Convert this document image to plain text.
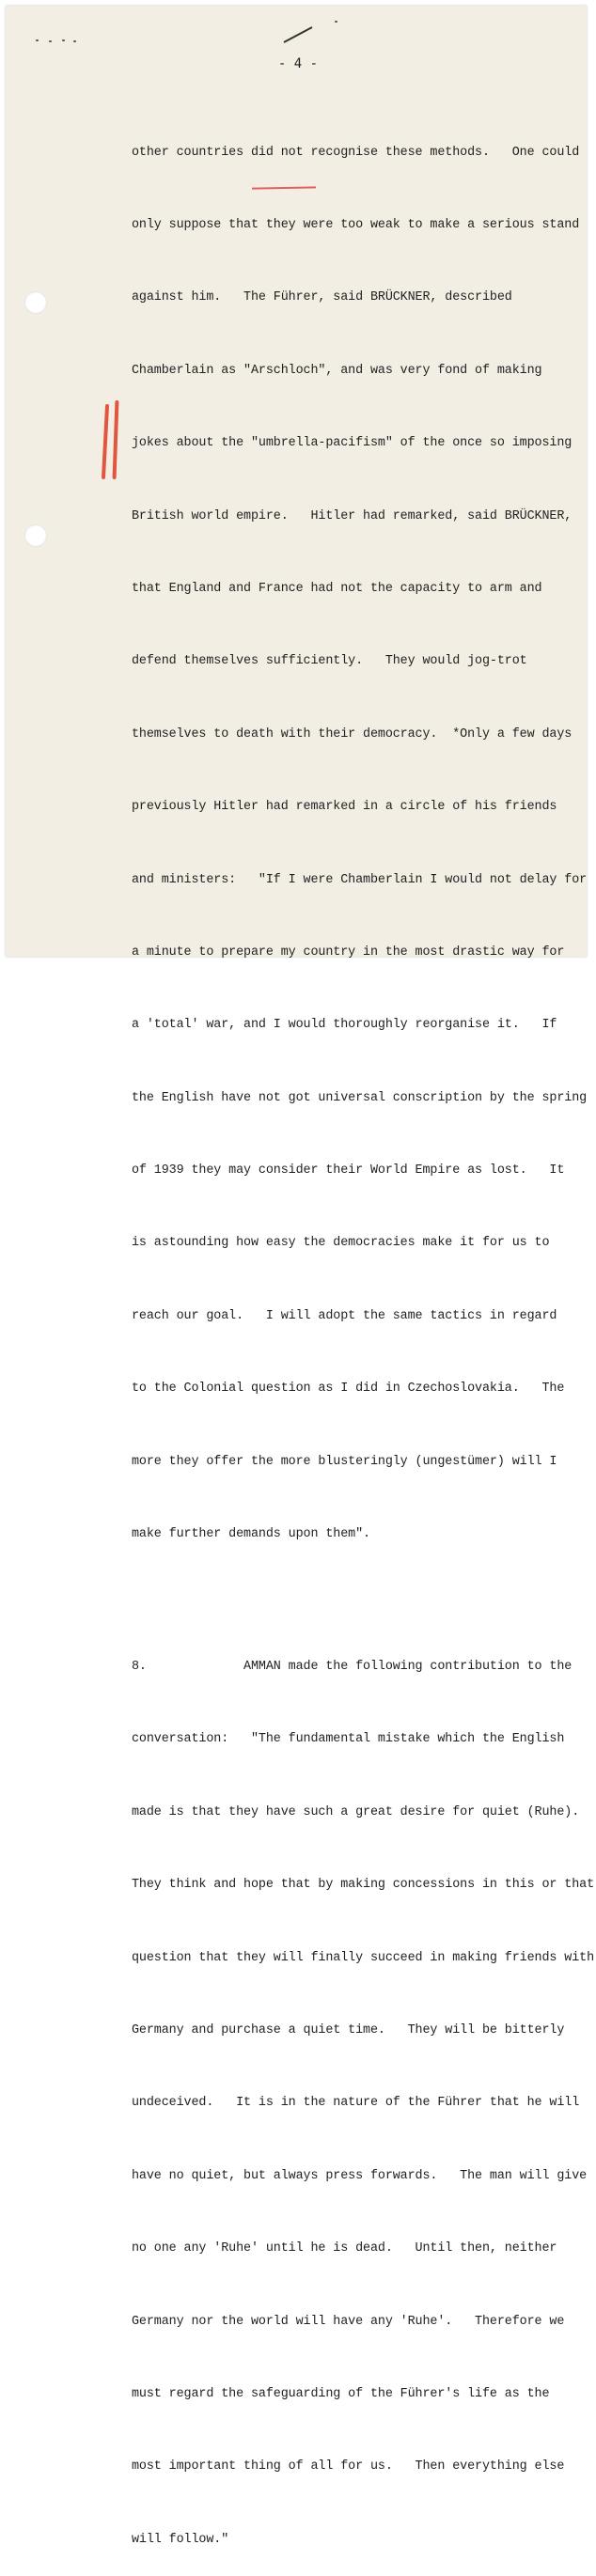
- 4 -

other countries did not recognise these methods.   One could

only suppose that they were too weak to make a serious stand

against him.   The Führer, said BRÜCKNER, described

Chamberlain as "Arschloch", and was very fond of making

jokes about the "umbrella-pacifism" of the once so imposing

British world empire.   Hitler had remarked, said BRÜCKNER,

that England and France had not the capacity to arm and

defend themselves sufficiently.   They would jog-trot

themselves to death with their democracy.  *Only a few days

previously Hitler had remarked in a circle of his friends

and ministers:   "If I were Chamberlain I would not delay for

a minute to prepare my country in the most drastic way for

a 'total' war, and I would thoroughly reorganise it.   If

the English have not got universal conscription by the spring

of 1939 they may consider their World Empire as lost.   It

is astounding how easy the democracies make it for us to

reach our goal.   I will adopt the same tactics in regard

to the Colonial question as I did in Czechoslovakia.   The

more they offer the more blusteringly (ungestümer) will I

make further demands upon them".

8.             AMMAN made the following contribution to the

conversation:   "The fundamental mistake which the English

made is that they have such a great desire for quiet (Ruhe).

They think and hope that by making concessions in this or that

question that they will finally succeed in making friends with

Germany and purchase a quiet time.   They will be bitterly

undeceived.   It is in the nature of the Führer that he will

have no quiet, but always press forwards.   The man will give

no one any 'Ruhe' until he is dead.   Until then, neither

Germany nor the world will have any 'Ruhe'.   Therefore we

must regard the safeguarding of the Führer's life as the

most important thing of all for us.   Then everything else

will follow."
